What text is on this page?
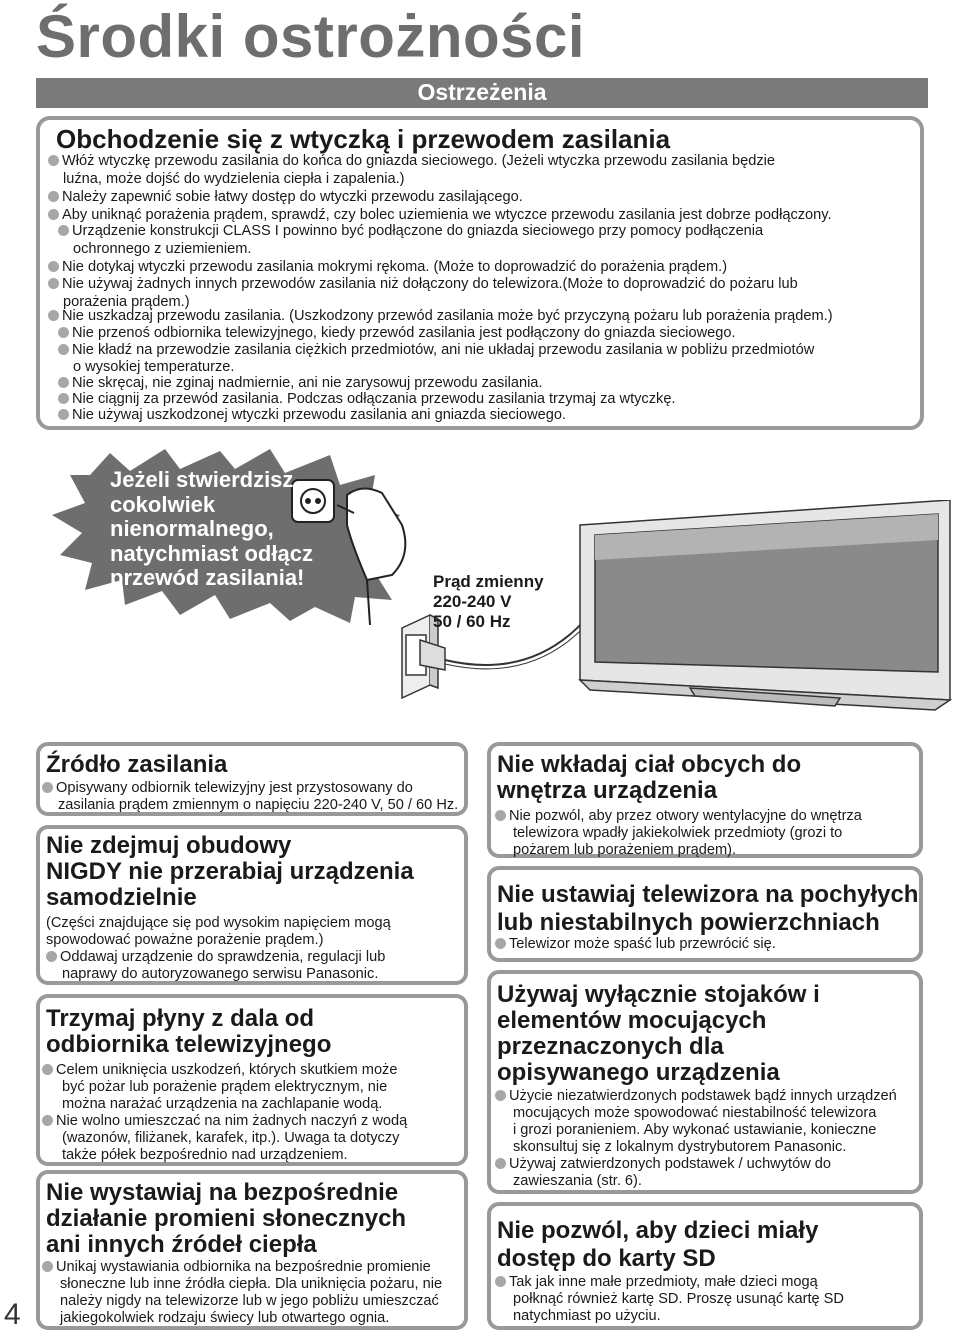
Środki ostrożności
Ostrzeżenia
Obchodzenie się z wtyczką i przewodem zasilania
Włóż wtyczkę przewodu zasilania do końca do gniazda sieciowego. (Jeżeli wtyczka przewodu zasilania będzie
luźna, może dojść do wydzielenia ciepła i zapalenia.)
Należy zapewnić sobie łatwy dostęp do wtyczki przewodu zasilającego.
Aby uniknąć porażenia prądem, sprawdź, czy bolec uziemienia we wtyczce przewodu zasilania jest dobrze podłączony.
Urządzenie konstrukcji CLASS I powinno być podłączone do gniazda sieciowego przy pomocy podłączenia
ochronnego z uziemieniem.
Nie dotykaj wtyczki przewodu zasilania mokrymi rękoma. (Może to doprowadzić do porażenia prądem.)
Nie używaj żadnych innych przewodów zasilania niż dołączony do telewizora.(Może to doprowadzić do pożaru lub
porażenia prądem.)
Nie uszkadzaj przewodu zasilania. (Uszkodzony przewód zasilania może być przyczyną pożaru lub porażenia prądem.)
Nie przenoś odbiornika telewizyjnego, kiedy przewód zasilania jest podłączony do gniazda sieciowego.
Nie kładź na przewodzie zasilania ciężkich przedmiotów, ani nie układaj przewodu zasilania w pobliżu przedmiotów
o wysokiej temperaturze.
Nie skręcaj, nie zginaj nadmiernie, ani nie zarysowuj przewodu zasilania.
Nie ciągnij za przewód zasilania. Podczas odłączania przewodu zasilania trzymaj za wtyczkę.
Nie używaj uszkodzonej wtyczki przewodu zasilania ani gniazda sieciowego.
Jeżeli stwierdzisz
cokolwiek
nienormalnego,
natychmiast odłącz
przewód zasilania!	Prąd zmienny
220-240 V
50 / 60 Hz
Źródło zasilania
Opisywany odbiornik telewizyjny jest przystosowany do
zasilania prądem zmiennym o napięciu 220-240 V, 50 / 60 Hz.
Nie zdejmuj obudowy
NIGDY nie przerabiaj urządzenia
samodzielnie
(Części znajdujące się pod wysokim napięciem mogą
spowodować poważne porażenie prądem.)
Oddawaj urządzenie do sprawdzenia, regulacji lub
naprawy do autoryzowanego serwisu Panasonic.
Trzymaj płyny z dala od
odbiornika telewizyjnego
Celem uniknięcia uszkodzeń, których skutkiem może
być pożar lub porażenie prądem elektrycznym, nie
można narażać urządzenia na zachlapanie wodą.
Nie wolno umieszczać na nim żadnych naczyń z wodą
(wazonów, filiżanek, karafek, itp.). Uwaga ta dotyczy
także półek bezpośrednio nad urządzeniem.
Nie wystawiaj na bezpośrednie
działanie promieni słonecznych
ani innych źródeł ciepła
Unikaj wystawiania odbiornika na bezpośrednie promienie
słoneczne lub inne źródła ciepła. Dla uniknięcia pożaru, nie
należy nigdy na telewizorze lub w jego pobliżu umieszczać
jakiegokolwiek rodzaju świecy lub otwartego ognia.
Nie wkładaj ciał obcych do
wnętrza urządzenia
Nie pozwól, aby przez otwory wentylacyjne do wnętrza
telewizora wpadły jakiekolwiek przedmioty (grozi to
pożarem lub porażeniem prądem).
Nie ustawiaj telewizora na pochyłych
lub niestabilnych powierzchniach
Telewizor może spaść lub przewrócić się.
Używaj wyłącznie stojaków i
elementów mocujących
przeznaczonych dla
opisywanego urządzenia
Użycie niezatwierdzonych podstawek bądź innych urządzeń
mocujących może spowodować niestabilność telewizora
i grozi poranieniem. Aby wykonać ustawianie, konieczne
skonsultuj się z lokalnym dystrybutorem Panasonic.
Używaj zatwierdzonych podstawek / uchwytów do
zawieszania (str. 6).
Nie pozwól, aby dzieci miały
dostęp do karty SD
Tak jak inne małe przedmioty, małe dzieci mogą
połknąć również kartę SD. Proszę usunąć kartę SD
natychmiast po użyciu.
4
